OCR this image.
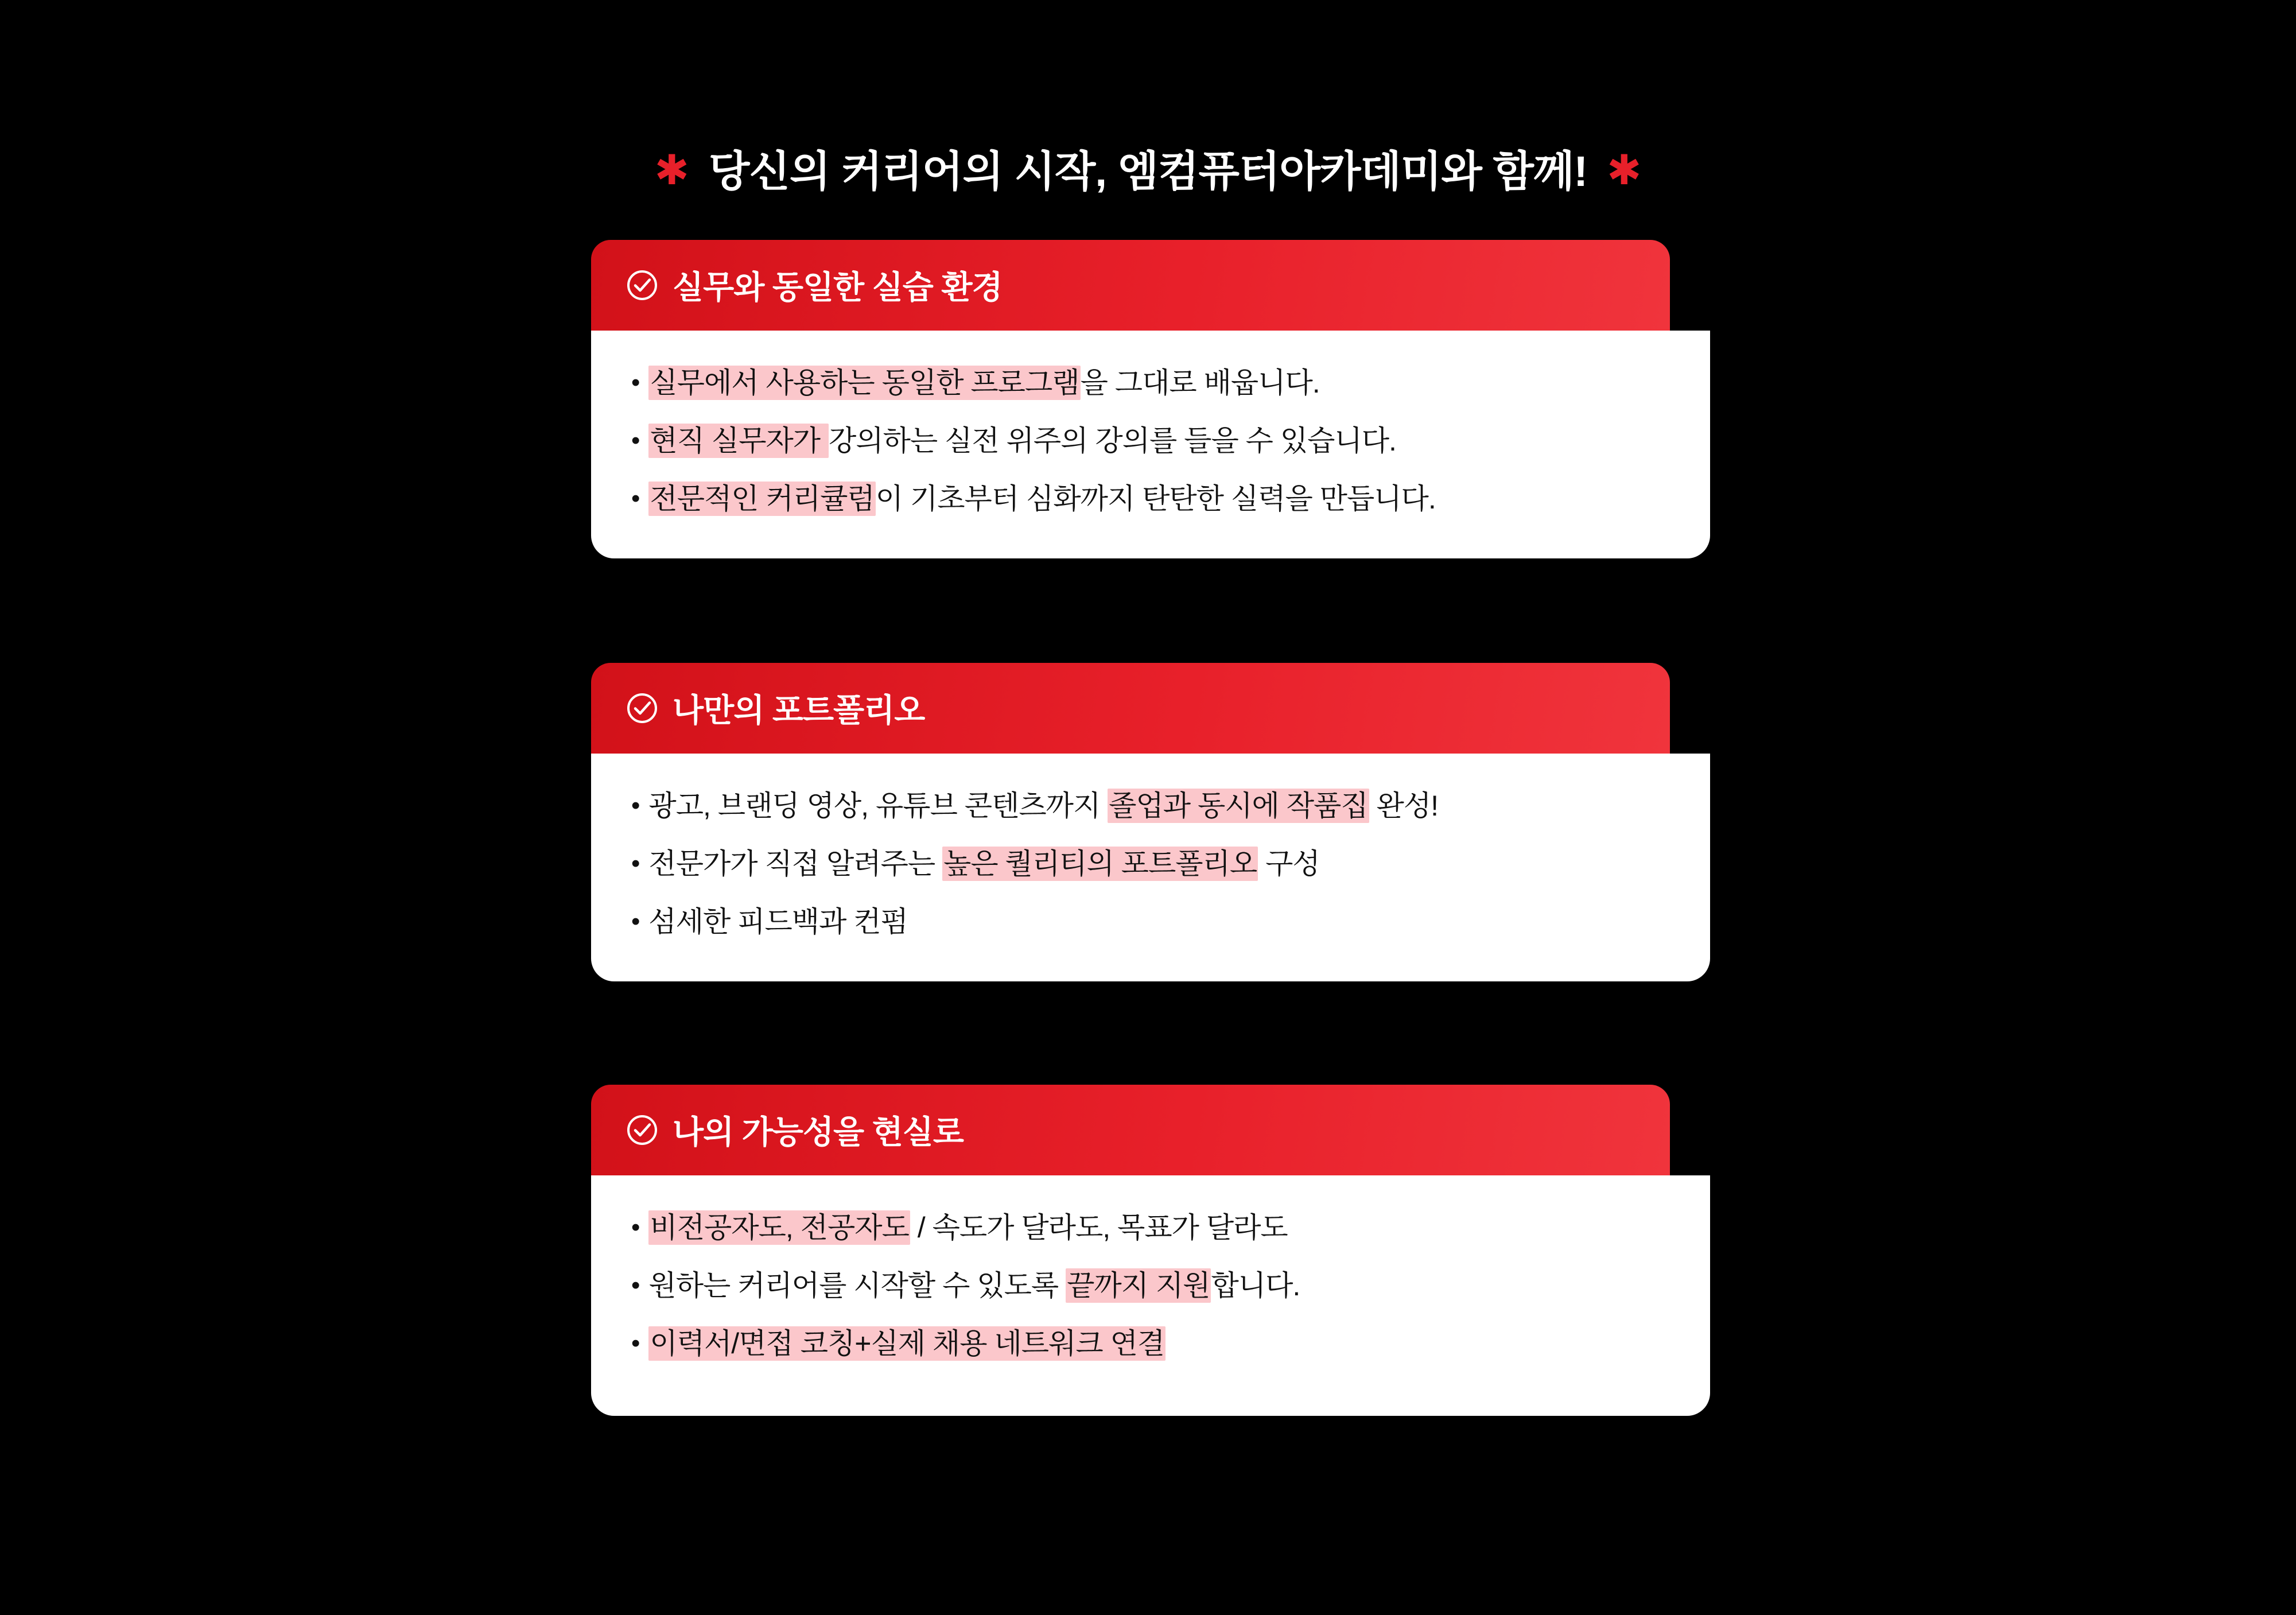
✱ 당신의 커리어의 시작, 엠컴퓨터아카데미와 함께! ✱
실무와 동일한 실습 환경
• 실무에서 사용하는 동일한 프로그램을 그대로 배웁니다.
• 현직 실무자가 강의하는 실전 위주의 강의를 들을 수 있습니다.
• 전문적인 커리큘럼이 기초부터 심화까지 탄탄한 실력을 만듭니다.
나만의 포트폴리오
• 광고, 브랜딩 영상, 유튜브 콘텐츠까지 졸업과 동시에 작품집 완성!
• 전문가가 직접 알려주는 높은 퀄리티의 포트폴리오 구성
• 섬세한 피드백과 컨펌
나의 가능성을 현실로
• 비전공자도, 전공자도 / 속도가 달라도, 목표가 달라도
• 원하는 커리어를 시작할 수 있도록 끝까지 지원합니다.
• 이력서/면접 코칭+실제 채용 네트워크 연결
